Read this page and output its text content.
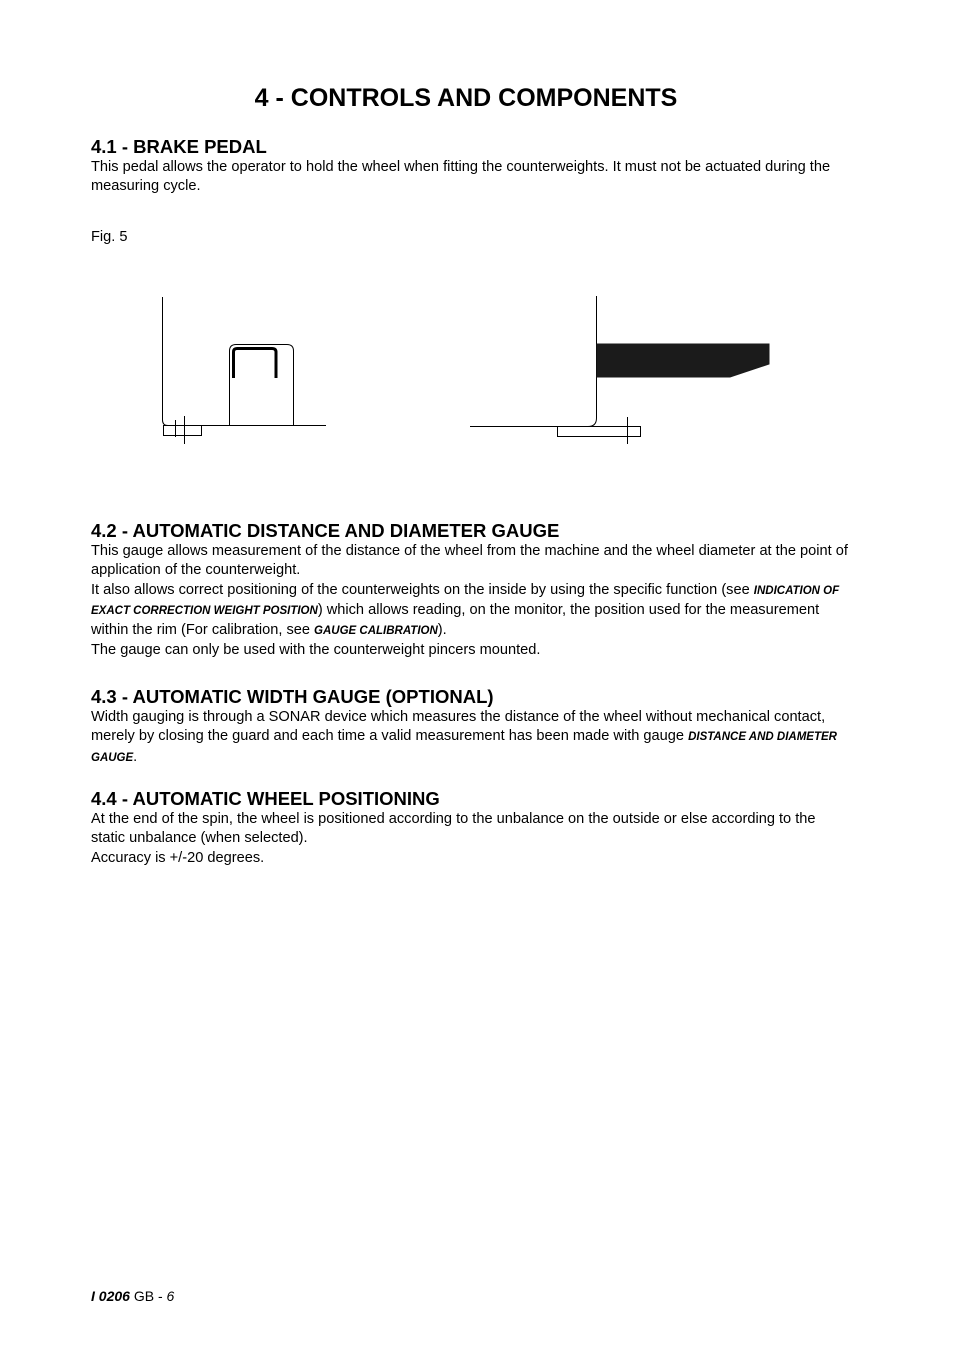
4 - CONTROLS AND COMPONENTS
4.1 - BRAKE PEDAL

This pedal allows the operator to hold the wheel when fitting the counterweights. It must not be actuated during the measuring cycle.

Fig. 5

4.2 - AUTOMATIC DISTANCE AND DIAMETER GAUGE

This gauge allows measurement of the distance of the wheel from the machine and the wheel diameter at the point of application of the counterweight.

It also allows correct positioning of the counterweights on the inside by using the specific function (see INDICATION OF EXACT CORRECTION WEIGHT POSITION) which allows reading, on the monitor, the position used for the measurement within the rim (For calibration, see GAUGE CALIBRATION).

The gauge can only be used with the counterweight pincers mounted.

4.3 - AUTOMATIC WIDTH GAUGE (OPTIONAL)

Width gauging is through a SONAR device which measures the distance of the wheel without mechanical contact, merely by closing the guard and each time a valid measurement has been made with gauge DISTANCE AND DIAMETER GAUGE.

4.4 - AUTOMATIC WHEEL POSITIONING

At the end of the spin, the wheel is positioned according to the unbalance on the outside or else according to the static unbalance (when selected).

Accuracy is +/-20 degrees.

I 0206 GB - 6
